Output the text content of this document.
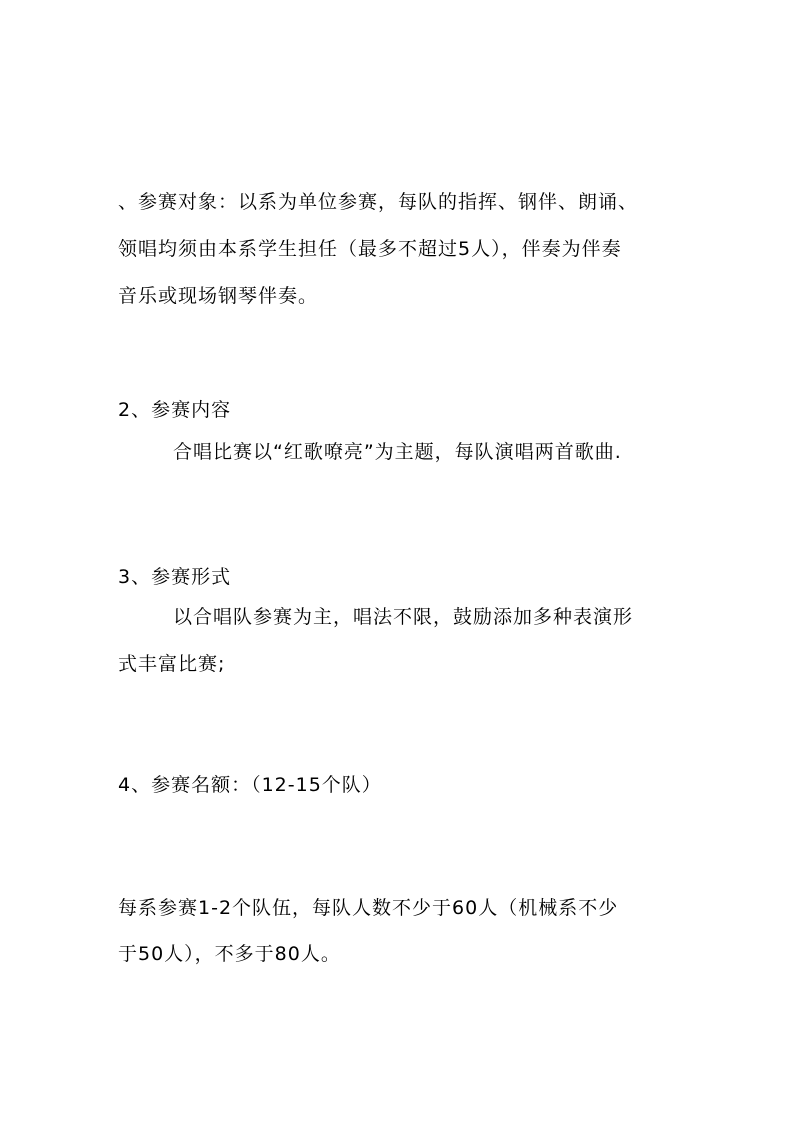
、参赛对象：以系为单位参赛，每队的指挥、钢伴、朗诵、
领唱均须由本系学生担任（最多不超过5人），伴奏为伴奏
音乐或现场钢琴伴奏。
2、参赛内容
合唱比赛以“红歌嘹亮”为主题，每队演唱两首歌曲.
3、参赛形式
以合唱队参赛为主，唱法不限，鼓励添加多种表演形
式丰富比赛;
4、参赛名额：（12-15个队）
每系参赛1-2个队伍，每队人数不少于60人（机械系不少
于50人），不多于80人。
